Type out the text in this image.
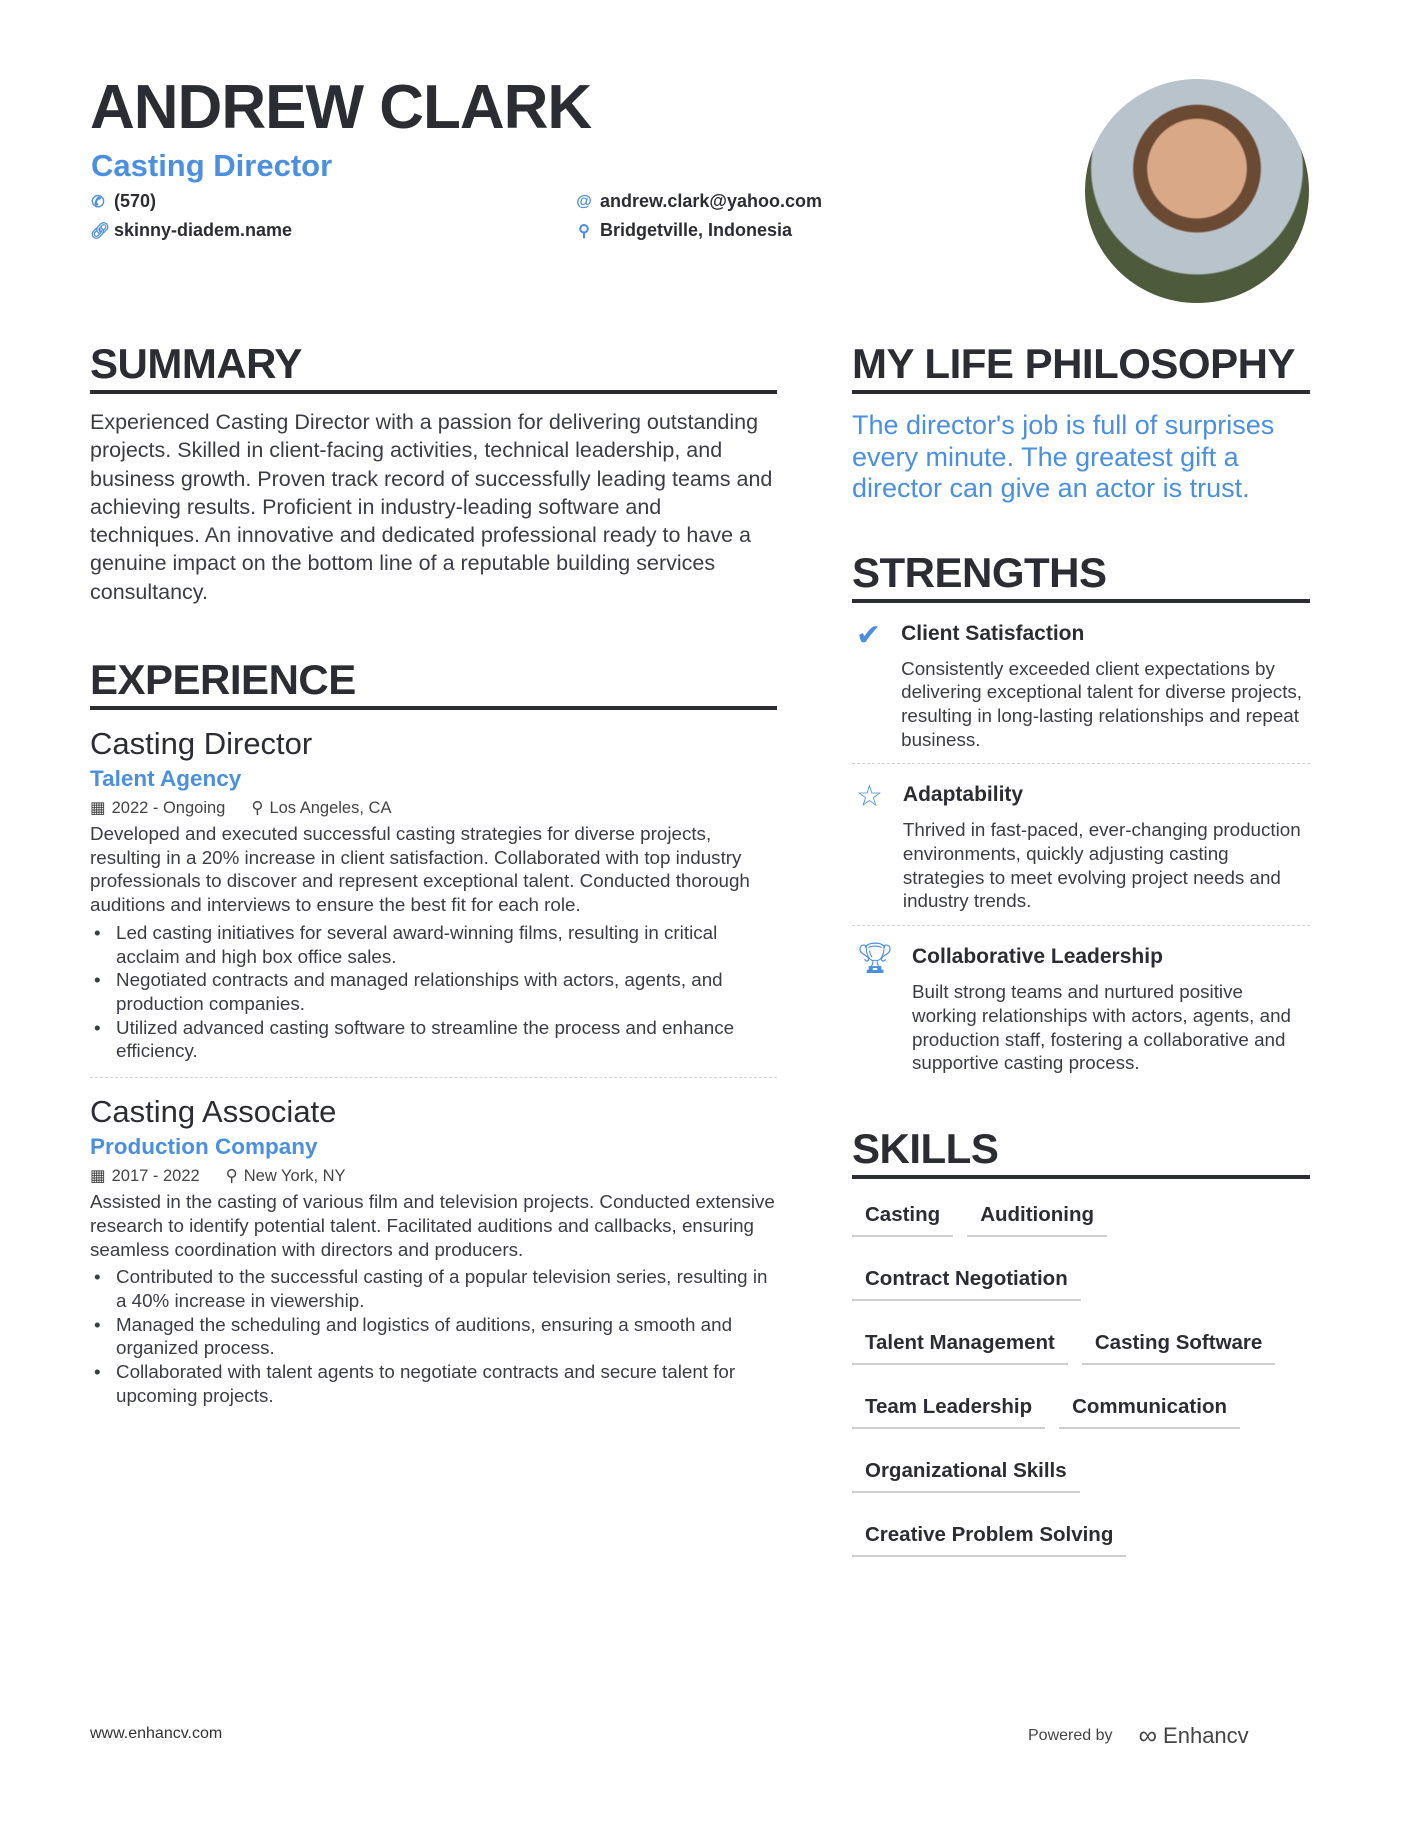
ANDREW CLARK
Casting Director
✆ (570)
🔗︎ skinny-diadem.name
@ andrew.clark@yahoo.com
⚲ Bridgetville, Indonesia
SUMMARY
Experienced Casting Director with a passion for delivering outstanding projects. Skilled in client-facing activities, technical leadership, and business growth. Proven track record of successfully leading teams and achieving results. Proficient in industry-leading software and techniques. An innovative and dedicated professional ready to have a genuine impact on the bottom line of a reputable building services consultancy.
EXPERIENCE
Casting Director
Talent Agency
▦ 2022 - Ongoing ⚲ Los Angeles, CA
Developed and executed successful casting strategies for diverse projects, resulting in a 20% increase in client satisfaction. Collaborated with top industry professionals to discover and represent exceptional talent. Conducted thorough auditions and interviews to ensure the best fit for each role.
• Led casting initiatives for several award-winning films, resulting in critical acclaim and high box office sales.
• Negotiated contracts and managed relationships with actors, agents, and production companies.
• Utilized advanced casting software to streamline the process and enhance efficiency.
Casting Associate
Production Company
▦ 2017 - 2022 ⚲ New York, NY
Assisted in the casting of various film and television projects. Conducted extensive research to identify potential talent. Facilitated auditions and callbacks, ensuring seamless coordination with directors and producers.
• Contributed to the successful casting of a popular television series, resulting in a 40% increase in viewership.
• Managed the scheduling and logistics of auditions, ensuring a smooth and organized process.
• Collaborated with talent agents to negotiate contracts and secure talent for upcoming projects.
MY LIFE PHILOSOPHY
The director's job is full of surprises every minute. The greatest gift a director can give an actor is trust.
STRENGTHS
✔ Client Satisfaction

Consistently exceeded client expectations by delivering exceptional talent for diverse projects, resulting in long-lasting relationships and repeat business.

☆ Adaptability

Thrived in fast-paced, ever-changing production environments, quickly adjusting casting strategies to meet evolving project needs and industry trends.

🏆︎ Collaborative Leadership

Built strong teams and nurtured positive working relationships with actors, agents, and production staff, fostering a collaborative and supportive casting process.

SKILLS
Casting	Auditioning
Contract Negotiation
Talent Management	Casting Software
Team Leadership	Communication
Organizational Skills
Creative Problem Solving
www.enhancv.com	Powered by ∞ Enhancv
